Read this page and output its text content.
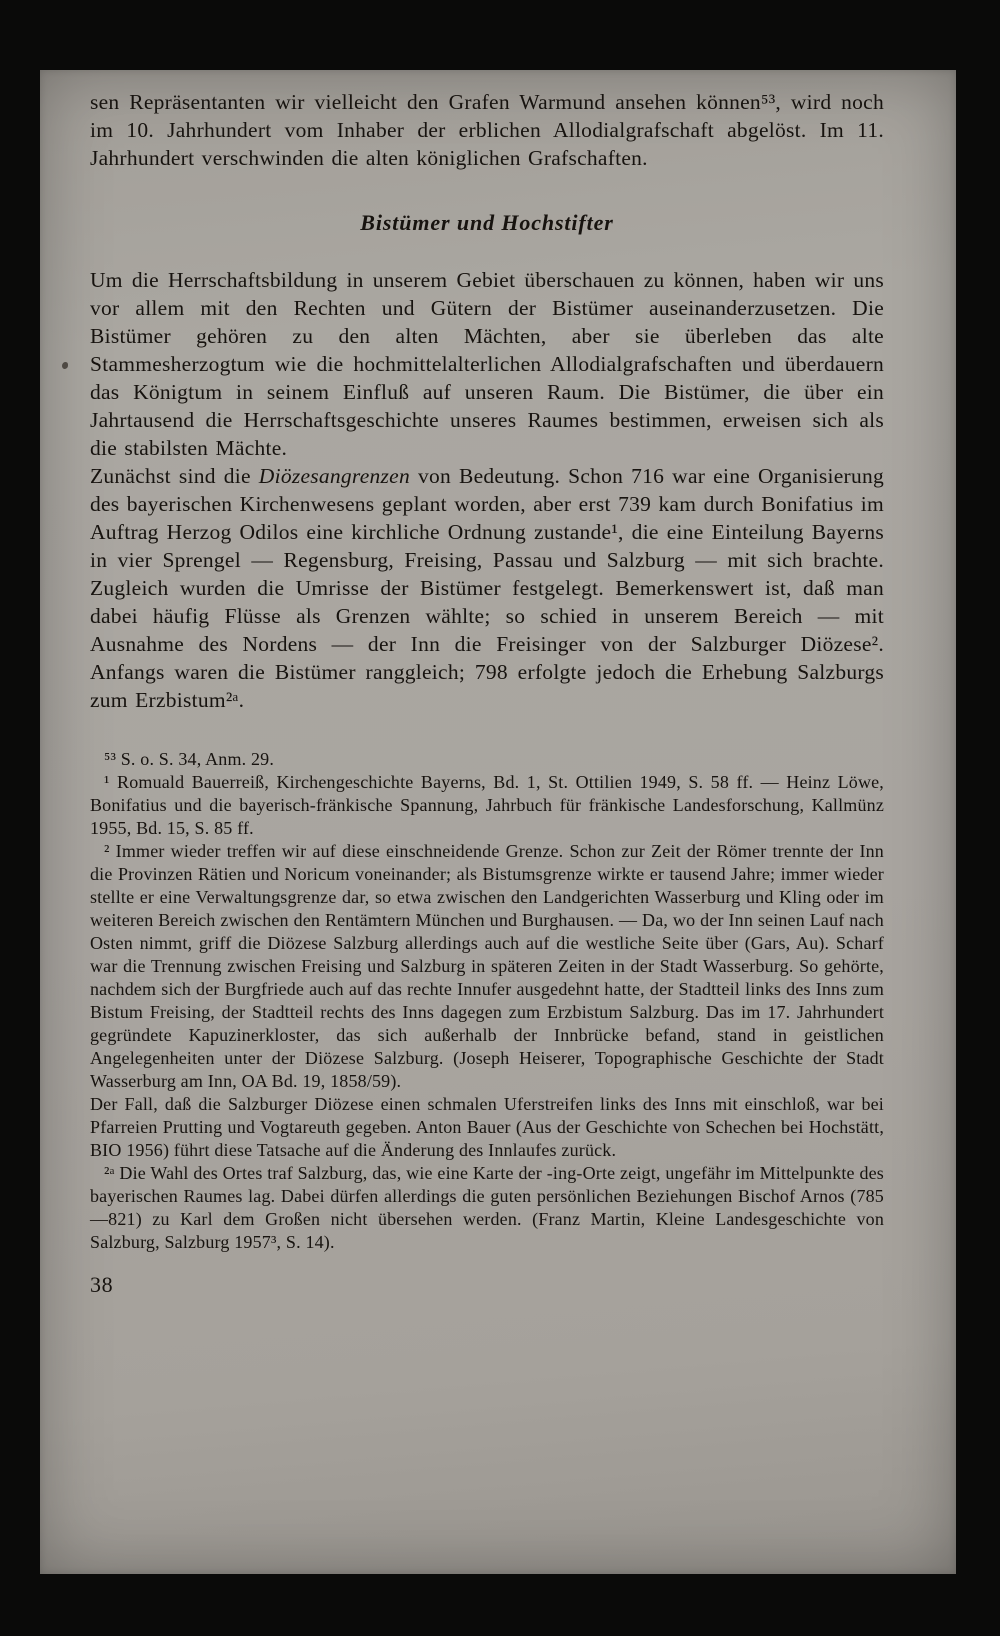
sen Repräsentanten wir vielleicht den Grafen Warmund ansehen können⁵³, wird noch im 10. Jahrhundert vom Inhaber der erblichen Allodialgrafschaft abgelöst. Im 11. Jahrhundert verschwinden die alten königlichen Grafschaften.

Bistümer und Hochstifter

Um die Herrschaftsbildung in unserem Gebiet überschauen zu können, haben wir uns vor allem mit den Rechten und Gütern der Bistümer auseinanderzusetzen. Die Bistümer gehören zu den alten Mächten, aber sie überleben das alte Stammesherzogtum wie die hochmittelalterlichen Allodialgrafschaften und überdauern das Königtum in seinem Einfluß auf unseren Raum. Die Bistümer, die über ein Jahrtausend die Herrschaftsgeschichte unseres Raumes bestimmen, erweisen sich als die stabilsten Mächte.

Zunächst sind die Diözesangrenzen von Bedeutung. Schon 716 war eine Organisierung des bayerischen Kirchenwesens geplant worden, aber erst 739 kam durch Bonifatius im Auftrag Herzog Odilos eine kirchliche Ordnung zustande¹, die eine Einteilung Bayerns in vier Sprengel — Regensburg, Freising, Passau und Salzburg — mit sich brachte. Zugleich wurden die Umrisse der Bistümer festgelegt. Bemerkenswert ist, daß man dabei häufig Flüsse als Grenzen wählte; so schied in unserem Bereich — mit Ausnahme des Nordens — der Inn die Freisinger von der Salzburger Diözese². Anfangs waren die Bistümer ranggleich; 798 erfolgte jedoch die Erhebung Salzburgs zum Erzbistum²ᵃ.

⁵³ S. o. S. 34, Anm. 29.

¹ Romuald Bauerreiß, Kirchengeschichte Bayerns, Bd. 1, St. Ottilien 1949, S. 58 ff. — Heinz Löwe, Bonifatius und die bayerisch-fränkische Spannung, Jahrbuch für fränkische Landesforschung, Kallmünz 1955, Bd. 15, S. 85 ff.

² Immer wieder treffen wir auf diese einschneidende Grenze. Schon zur Zeit der Römer trennte der Inn die Provinzen Rätien und Noricum voneinander; als Bistumsgrenze wirkte er tausend Jahre; immer wieder stellte er eine Verwaltungsgrenze dar, so etwa zwischen den Landgerichten Wasserburg und Kling oder im weiteren Bereich zwischen den Rentämtern München und Burghausen. — Da, wo der Inn seinen Lauf nach Osten nimmt, griff die Diözese Salzburg allerdings auch auf die westliche Seite über (Gars, Au). Scharf war die Trennung zwischen Freising und Salzburg in späteren Zeiten in der Stadt Wasserburg. So gehörte, nachdem sich der Burgfriede auch auf das rechte Innufer ausgedehnt hatte, der Stadtteil links des Inns zum Bistum Freising, der Stadtteil rechts des Inns dagegen zum Erzbistum Salzburg. Das im 17. Jahrhundert gegründete Kapuzinerkloster, das sich außerhalb der Innbrücke befand, stand in geistlichen Angelegenheiten unter der Diözese Salzburg. (Joseph Heiserer, Topographische Geschichte der Stadt Wasserburg am Inn, OA Bd. 19, 1858/59).

Der Fall, daß die Salzburger Diözese einen schmalen Uferstreifen links des Inns mit einschloß, war bei Pfarreien Prutting und Vogtareuth gegeben. Anton Bauer (Aus der Geschichte von Schechen bei Hochstätt, BIO 1956) führt diese Tatsache auf die Änderung des Innlaufes zurück.

²ᵃ Die Wahl des Ortes traf Salzburg, das, wie eine Karte der -ing-Orte zeigt, ungefähr im Mittelpunkte des bayerischen Raumes lag. Dabei dürfen allerdings die guten persönlichen Beziehungen Bischof Arnos (785—821) zu Karl dem Großen nicht übersehen werden. (Franz Martin, Kleine Landesgeschichte von Salzburg, Salzburg 1957³, S. 14).

38
